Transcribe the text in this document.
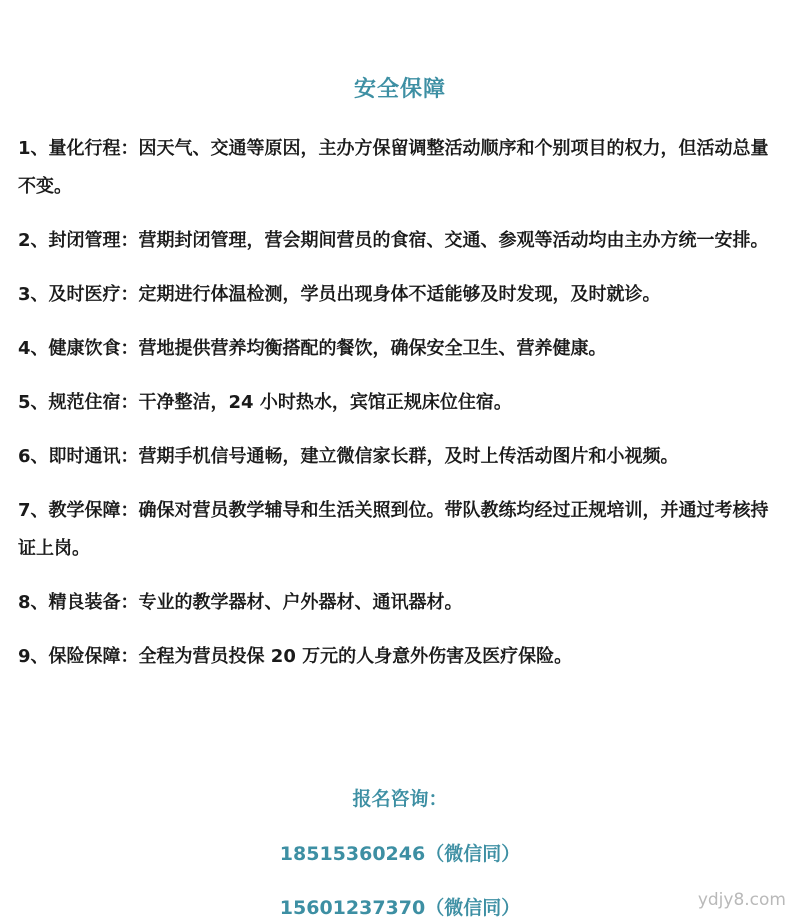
安全保障
1、量化行程：因天气、交通等原因，主办方保留调整活动顺序和个别项目的权力，但活动总量不变。
2、封闭管理：营期封闭管理，营会期间营员的食宿、交通、参观等活动均由主办方统一安排。
3、及时医疗：定期进行体温检测，学员出现身体不适能够及时发现，及时就诊。
4、健康饮食：营地提供营养均衡搭配的餐饮，确保安全卫生、营养健康。
5、规范住宿：干净整洁，24 小时热水，宾馆正规床位住宿。
6、即时通讯：营期手机信号通畅，建立微信家长群，及时上传活动图片和小视频。
7、教学保障：确保对营员教学辅导和生活关照到位。带队教练均经过正规培训，并通过考核持证上岗。
8、精良装备：专业的教学器材、户外器材、通讯器材。
9、保险保障：全程为营员投保 20 万元的人身意外伤害及医疗保险。

报名咨询：

18515360246（微信同）

15601237370（微信同）	ydjy8.com
